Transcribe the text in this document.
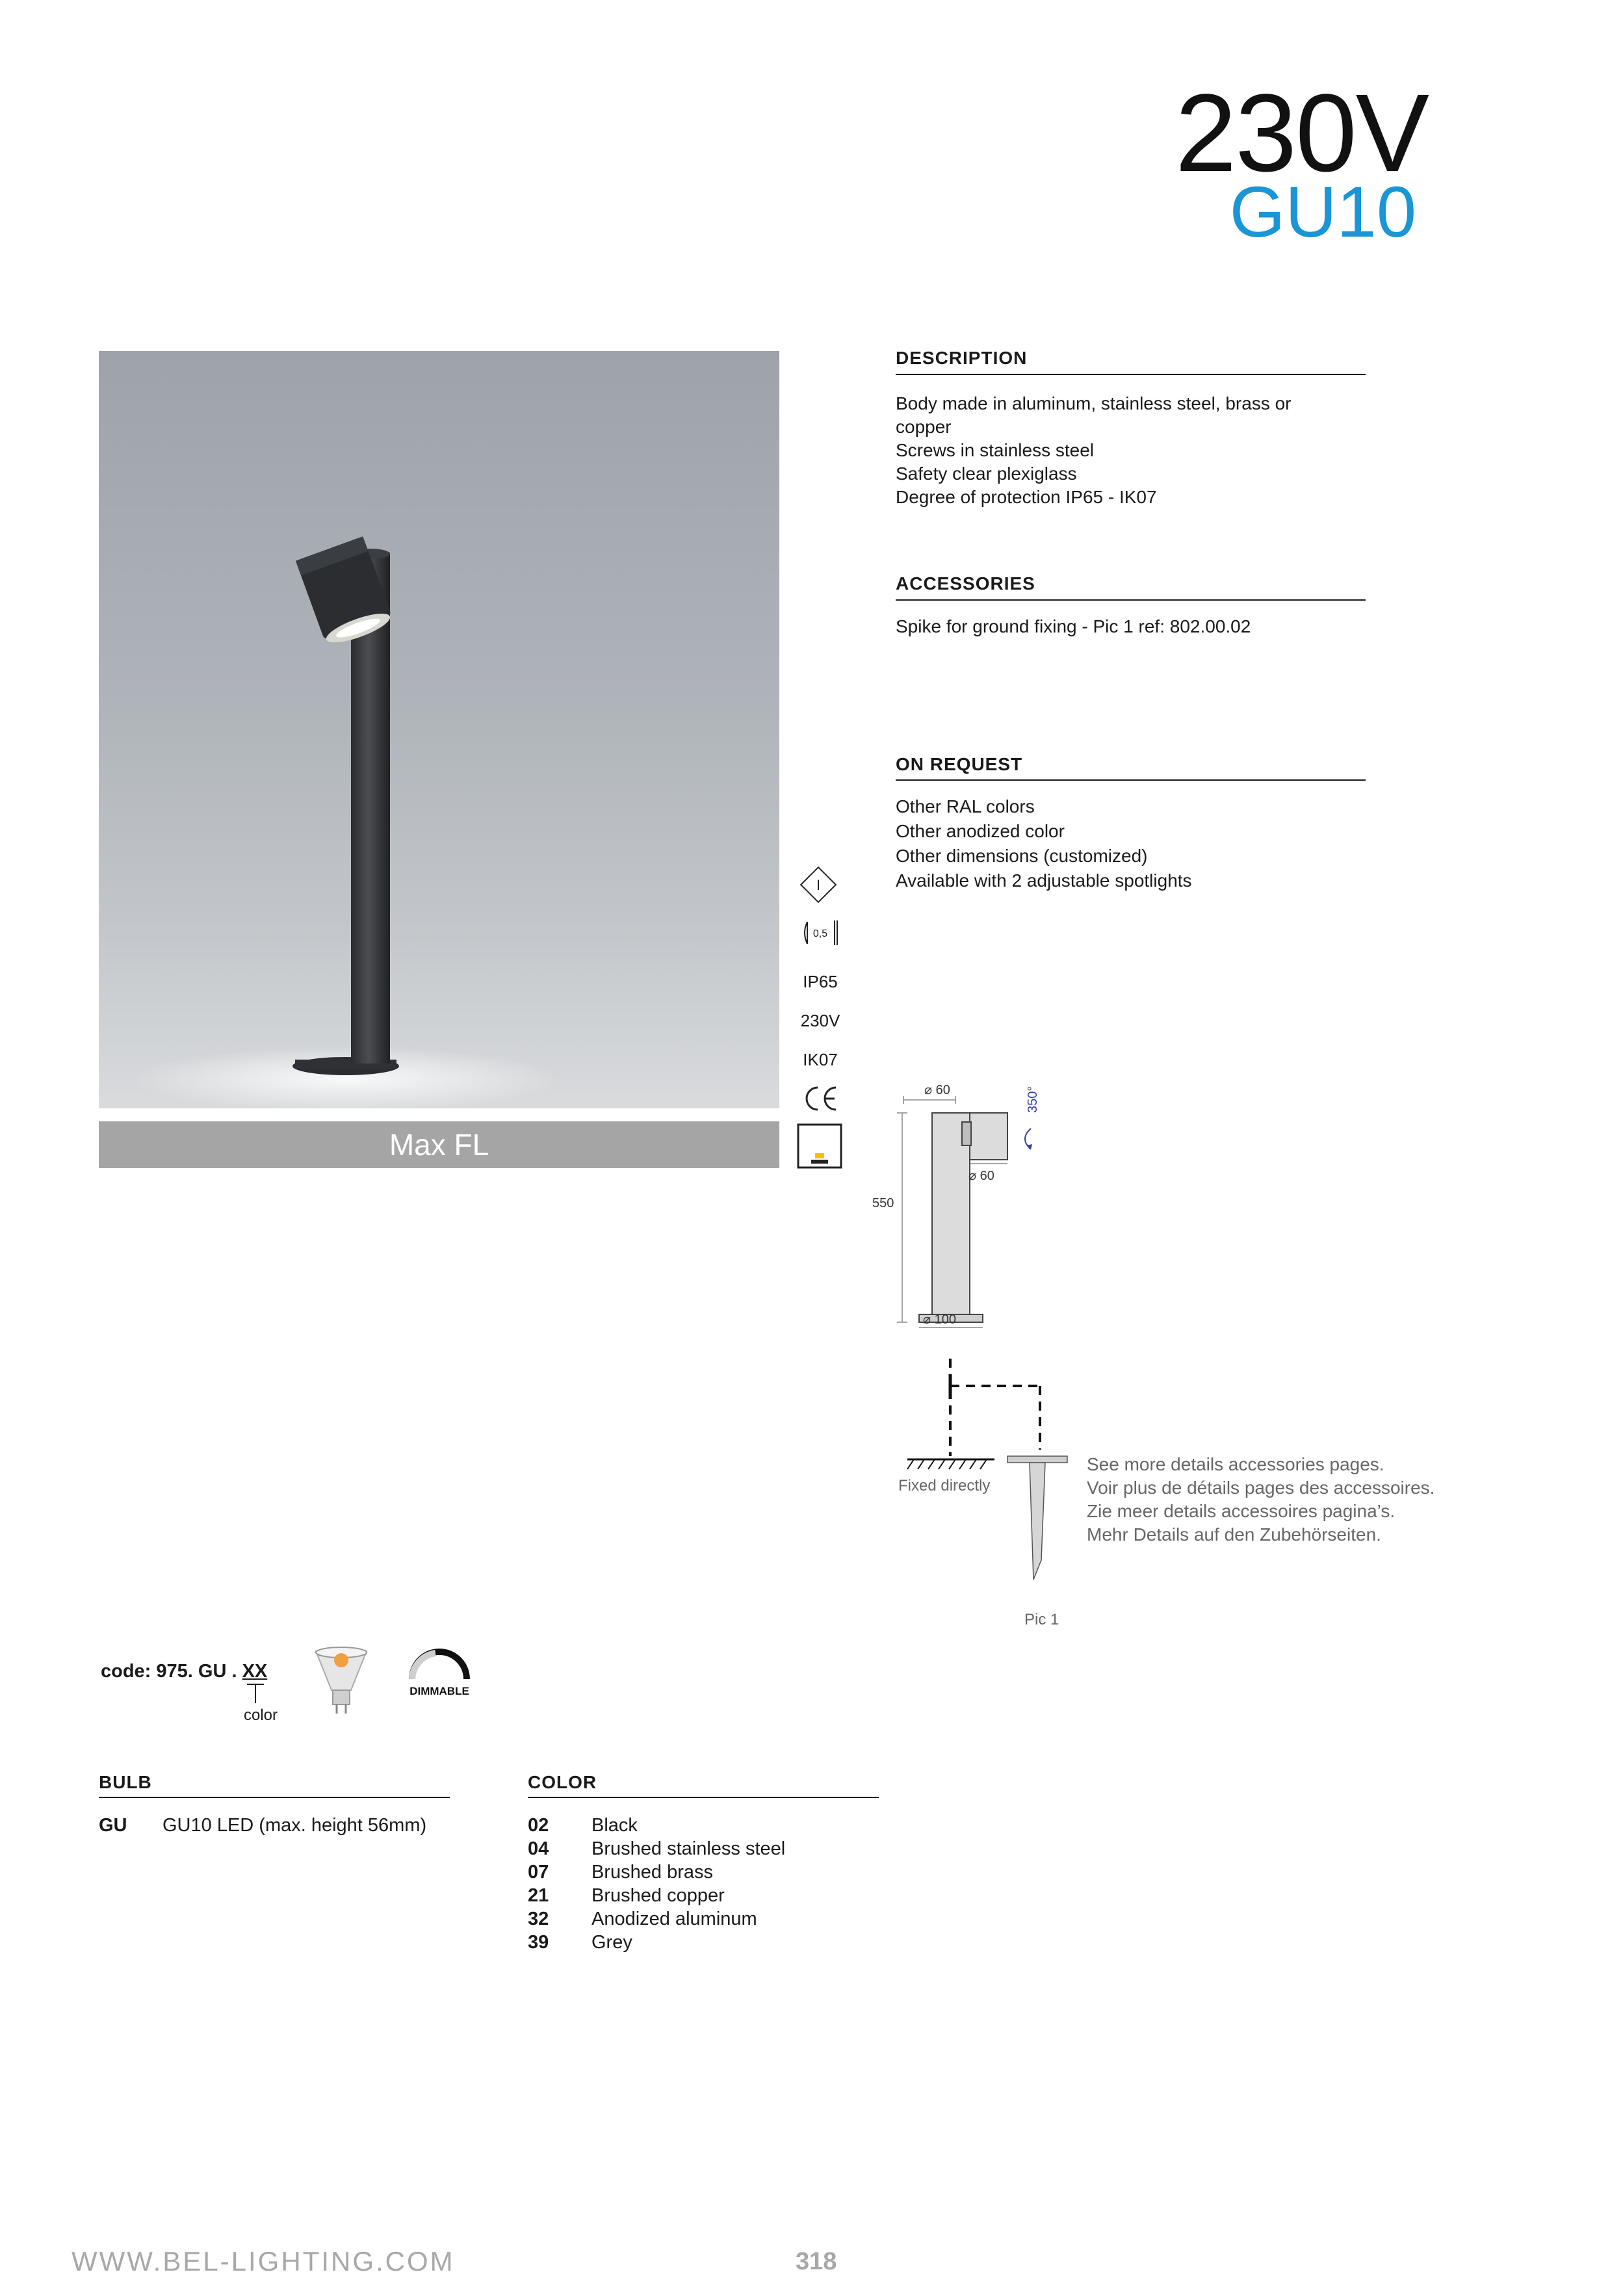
230V
GU10
Max FL
I
0,5
IP65
230V
IK07
DESCRIPTION
Body made in aluminum, stainless steel, brass or
copper
Screws in stainless steel
Safety clear plexiglass
Degree of protection IP65 - IK07
ACCESSORIES
Spike for ground fixing - Pic 1 ref: 802.00.02
ON REQUEST
Other RAL colors
Other anodized color
Other dimensions (customized)
Available with 2 adjustable spotlights
⌀ 60
⌀ 60
350°
550
⌀ 100
Fixed directly
Pic 1
See more details accessories pages.
Voir plus de détails pages des accessoires.
Zie meer details accessoires pagina’s.
Mehr Details auf den Zubehörseiten.
code: 975. GU . XX
color
DIMMABLE
BULB
GU GU10 LED (max. height 56mm)
COLOR
02 Black
04 Brushed stainless steel
07 Brushed brass
21 Brushed copper
32 Anodized aluminum
39 Grey
WWW.BEL-LIGHTING.COM	318
